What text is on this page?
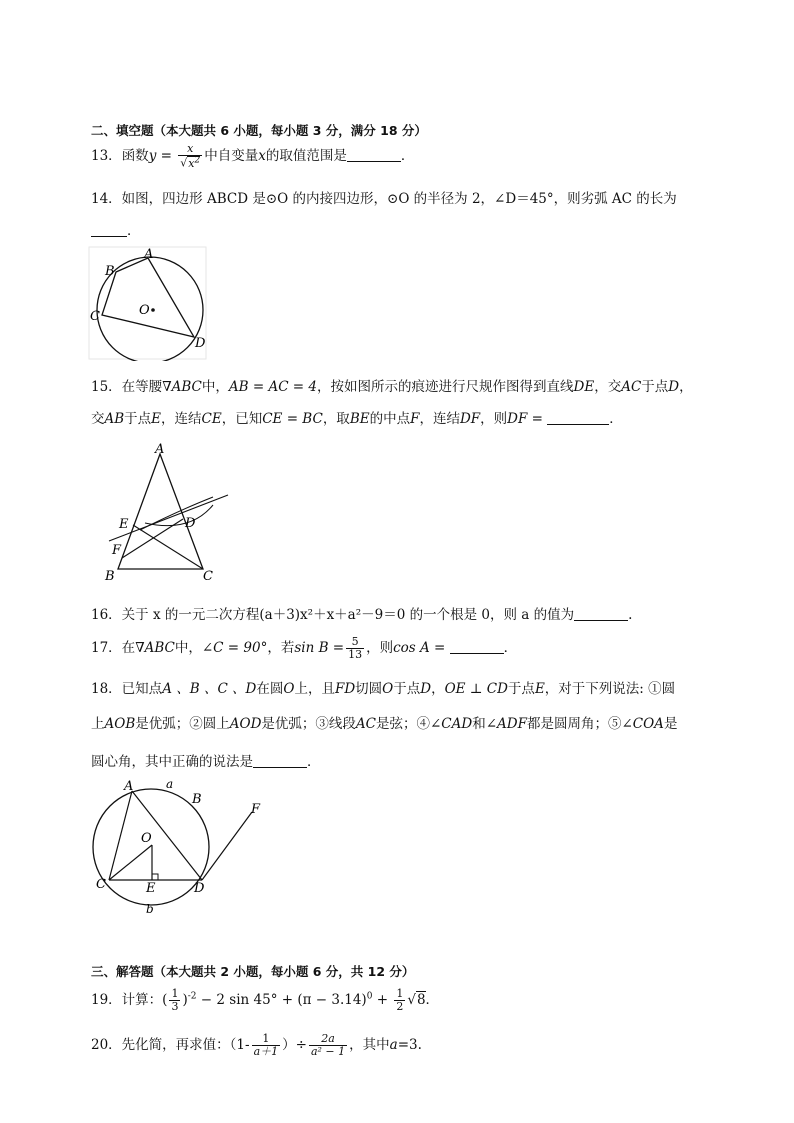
二、填空题（本大题共 6 小题，每小题 3 分，满分 18 分）
13．函数$y = \frac{x}{√x^2}$ 中自变量x的取值范围是	．
14．如图，四边形 ABCD 是⊙O 的内接四边形，⊙O 的半径为 2，∠D＝45°，则劣弧 AC 的长为
．
A
B
C
D
O
15．在等腰∇ABC中，AB = AC = 4，按如图所示的痕迹进行尺规作图得到直线DE，交AC于点D，
交AB于点E，连结CE，已知CE = BC，取BE的中点F，连结DF，则DF =	．
A
E	D
F
B	C
16．关于 x 的一元二次方程(a＋3)x²＋x＋a²－9＝0 的一个根是 0，则 a 的值为	.
17．在∇ABC中，∠C = 90°，若$\sin B = \frac{5}{13}$ ，则cos A =	．
18．已知点A 、B 、C 、D在圆O上，且FD切圆O于点D，OE ⊥ CD于点E，对于下列说法: ①圆
上AOB是优弧；②圆上AOD是优弧；③线段AC是弦；④∠CAD和∠ADF都是圆周角；⑤∠COA是
圆心角，其中正确的说法是	．
A	a
B
F
O
C	E	D
b
三、解答题（本大题共 2 小题，每小题 6 分，共 12 分）
19．计算：( $\frac{1}{3} )^{-2} - 2$ $\sin 45^\circ + (\pi - 3.14)^0 + \frac{1}{2} √8$．
20．先化简，再求值：（$1- \frac{1}{a+1}$ ）÷ $\frac{2a}{\text{a² − 1}}$ ，其中a=3.
